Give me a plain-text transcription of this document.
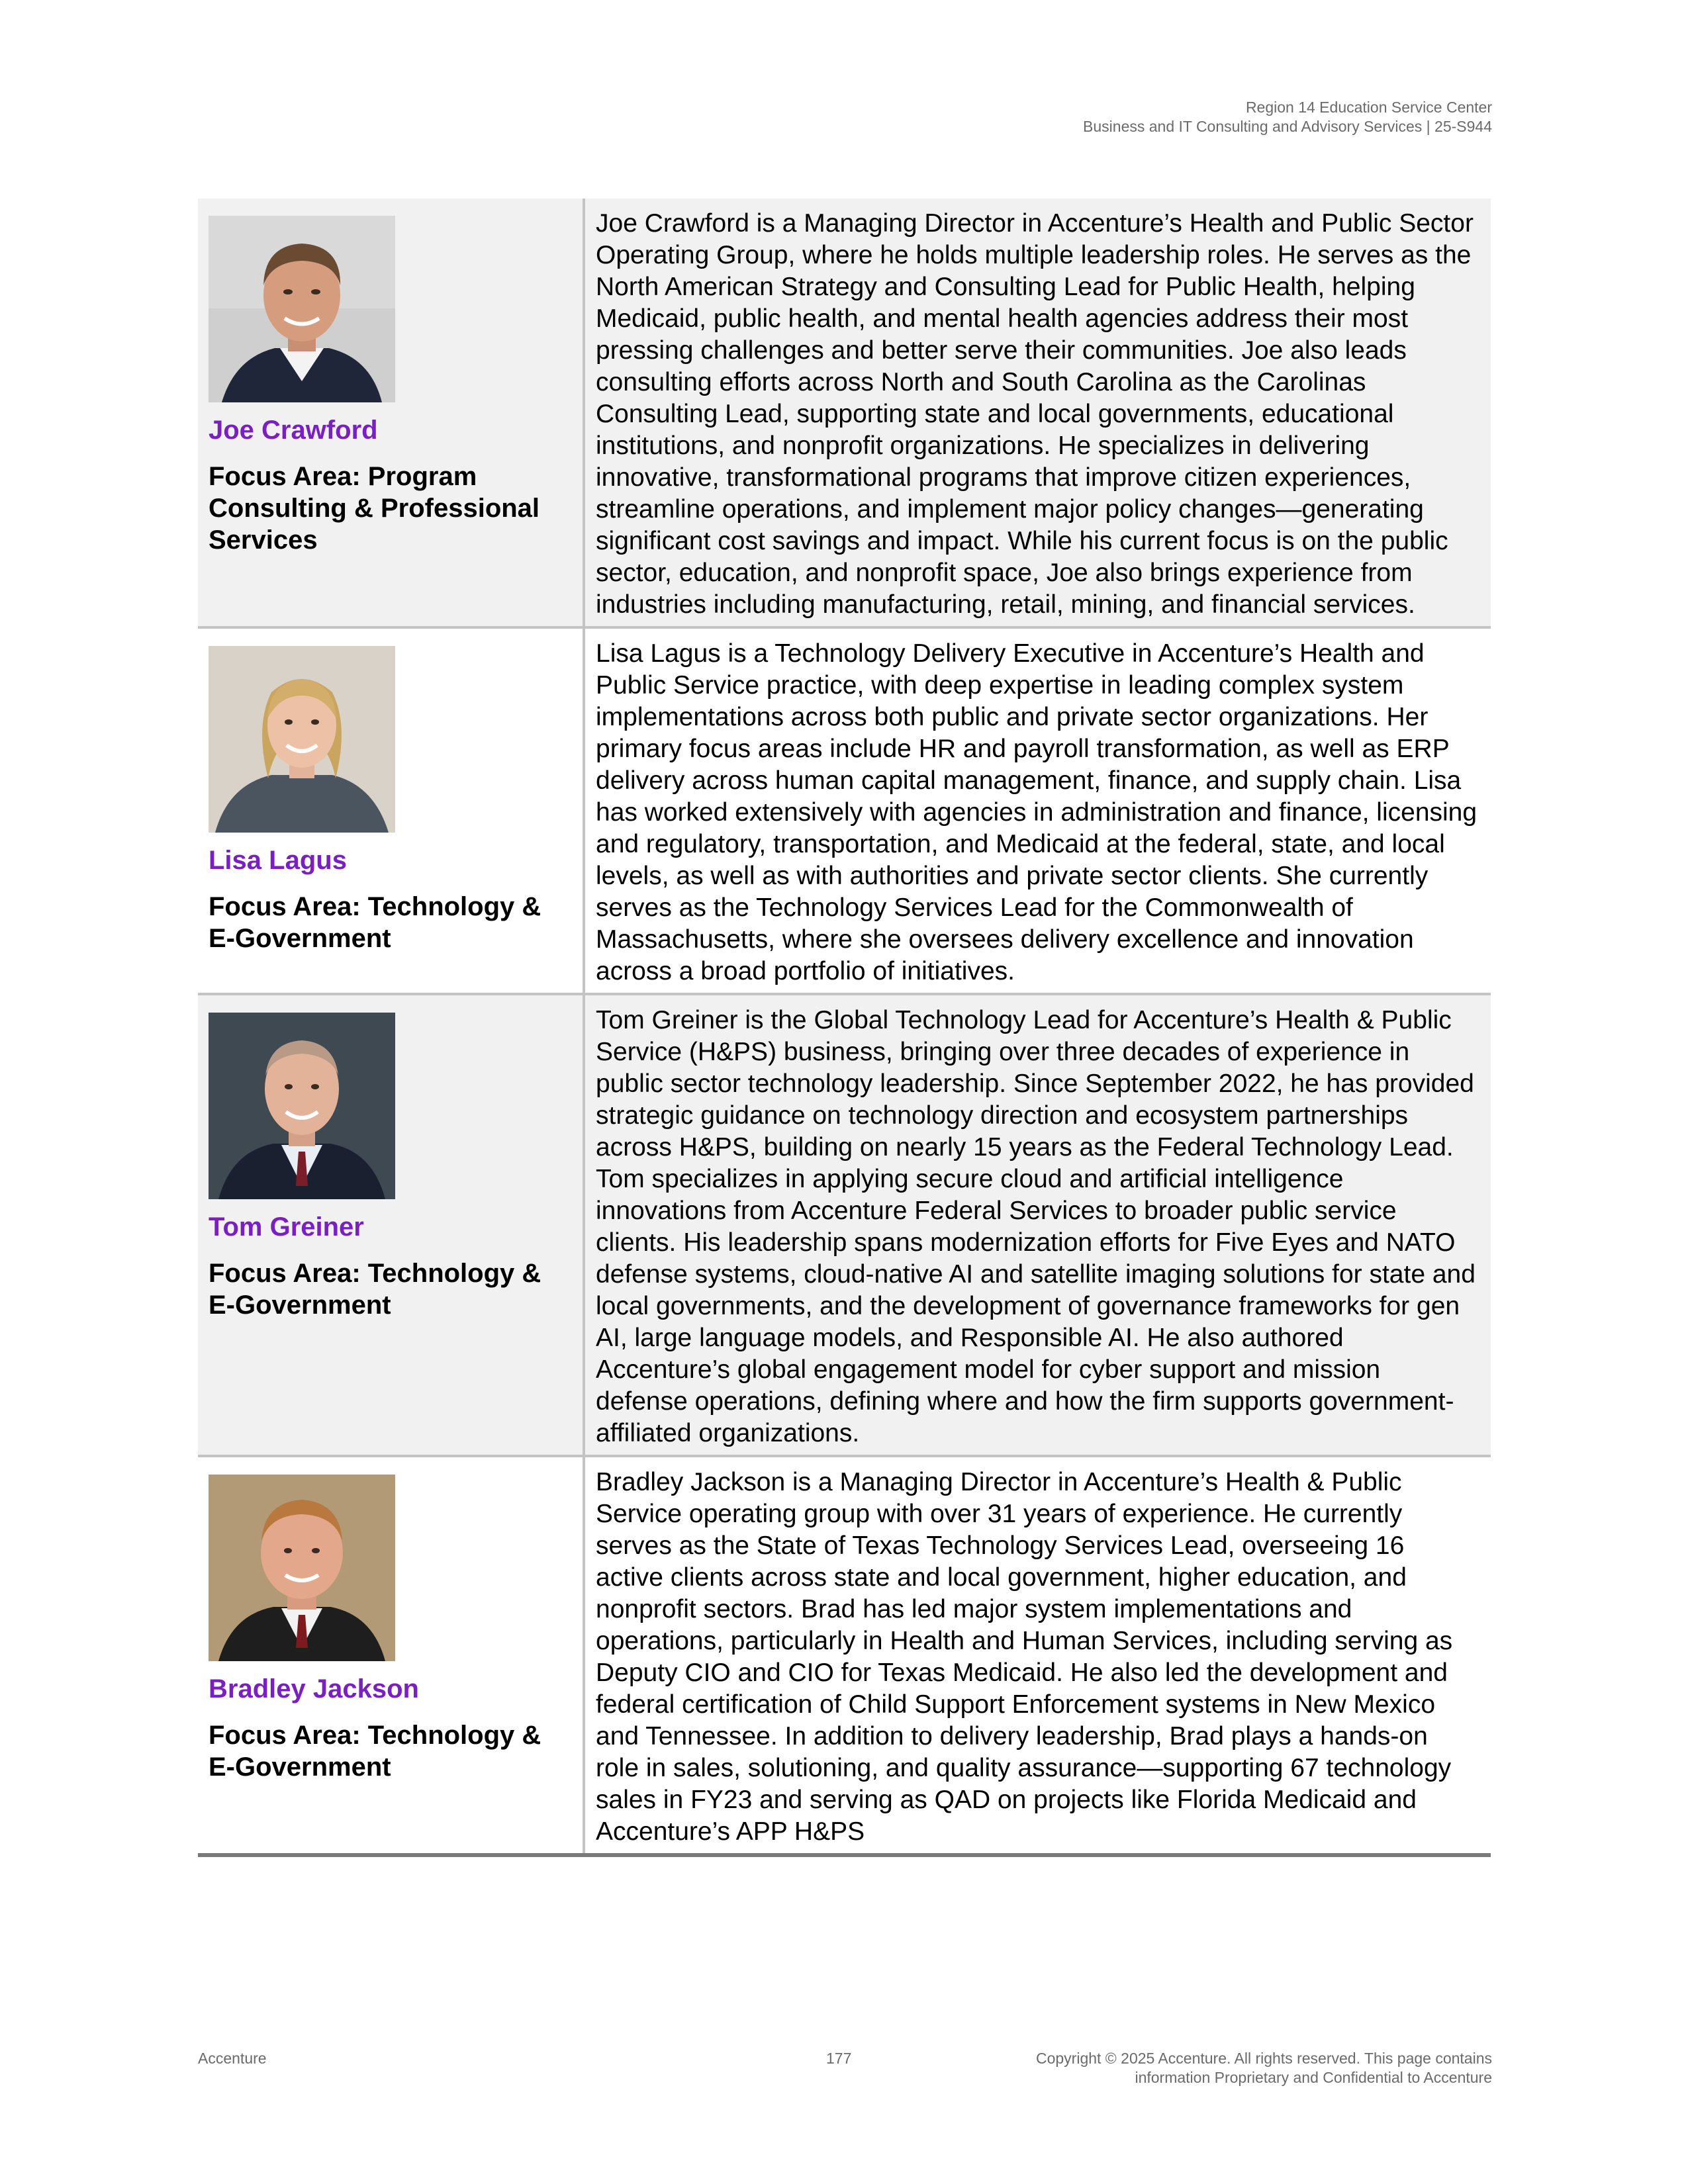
Region 14 Education Service Center
Business and IT Consulting and Advisory Services | 25-S944
Joe Crawford
Focus Area: Program Consulting & Professional Services	Joe Crawford is a Managing Director in Accenture’s Health and Public Sector Operating Group, where he holds multiple leadership roles. He serves as the North American Strategy and Consulting Lead for Public Health, helping Medicaid, public health, and mental health agencies address their most pressing challenges and better serve their communities. Joe also leads consulting efforts across North and South Carolina as the Carolinas Consulting Lead, supporting state and local governments, educational institutions, and nonprofit organizations. He specializes in delivering innovative, transformational programs that improve citizen experiences, streamline operations, and implement major policy changes—generating significant cost savings and impact. While his current focus is on the public sector, education, and nonprofit space, Joe also brings experience from industries including manufacturing, retail, mining, and financial services.

Lisa Lagus
Focus Area: Technology & E-Government	Lisa Lagus is a Technology Delivery Executive in Accenture’s Health and Public Service practice, with deep expertise in leading complex system implementations across both public and private sector organizations. Her primary focus areas include HR and payroll transformation, as well as ERP delivery across human capital management, finance, and supply chain. Lisa has worked extensively with agencies in administration and finance, licensing and regulatory, transportation, and Medicaid at the federal, state, and local levels, as well as with authorities and private sector clients. She currently serves as the Technology Services Lead for the Commonwealth of Massachusetts, where she oversees delivery excellence and innovation across a broad portfolio of initiatives.

Tom Greiner
Focus Area: Technology & E-Government	Tom Greiner is the Global Technology Lead for Accenture’s Health & Public Service (H&PS) business, bringing over three decades of experience in public sector technology leadership. Since September 2022, he has provided strategic guidance on technology direction and ecosystem partnerships across H&PS, building on nearly 15 years as the Federal Technology Lead. Tom specializes in applying secure cloud and artificial intelligence innovations from Accenture Federal Services to broader public service clients. His leadership spans modernization efforts for Five Eyes and NATO defense systems, cloud-native AI and satellite imaging solutions for state and local governments, and the development of governance frameworks for gen AI, large language models, and Responsible AI. He also authored Accenture’s global engagement model for cyber support and mission defense operations, defining where and how the firm supports government-affiliated organizations.

Bradley Jackson
Focus Area: Technology & E-Government	Bradley Jackson is a Managing Director in Accenture’s Health & Public Service operating group with over 31 years of experience. He currently serves as the State of Texas Technology Services Lead, overseeing 16 active clients across state and local government, higher education, and nonprofit sectors. Brad has led major system implementations and operations, particularly in Health and Human Services, including serving as Deputy CIO and CIO for Texas Medicaid. He also led the development and federal certification of Child Support Enforcement systems in New Mexico and Tennessee. In addition to delivery leadership, Brad plays a hands-on role in sales, solutioning, and quality assurance—supporting 67 technology sales in FY23 and serving as QAD on projects like Florida Medicaid and Accenture’s APP H&PS

Accenture	177	Copyright © 2025 Accenture. All rights reserved. This page contains
information Proprietary and Confidential to Accenture
